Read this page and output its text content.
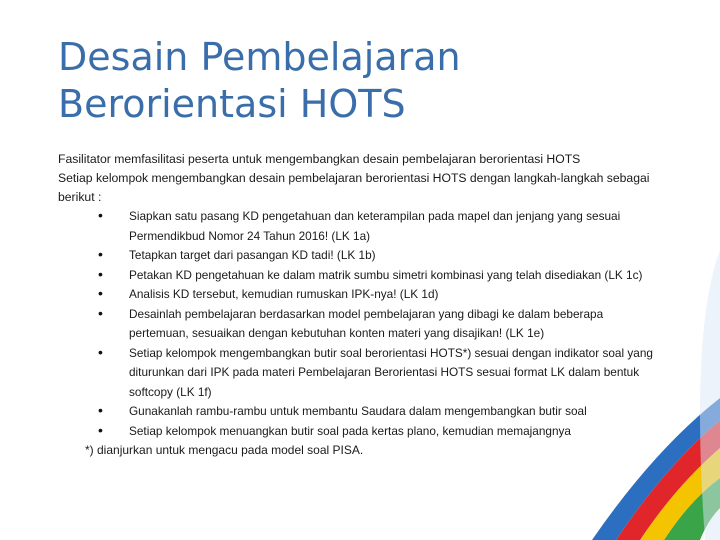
Desain Pembelajaran
Berorientasi HOTS

Fasilitator memfasilitasi peserta untuk mengembangkan desain pembelajaran berorientasi HOTS

Setiap kelompok mengembangkan desain pembelajaran berorientasi HOTS dengan langkah-langkah sebagai berikut :

• Siapkan satu pasang KD pengetahuan dan keterampilan pada mapel dan jenjang yang sesuai Permendikbud Nomor 24 Tahun 2016! (LK 1a)
• Tetapkan target dari pasangan KD tadi! (LK 1b)
• Petakan KD pengetahuan ke dalam matrik sumbu simetri kombinasi yang telah disediakan (LK 1c)
• Analisis KD tersebut, kemudian rumuskan IPK-nya! (LK 1d)
• Desainlah pembelajaran berdasarkan model pembelajaran yang dibagi ke dalam beberapa pertemuan, sesuaikan dengan kebutuhan konten materi yang disajikan! (LK 1e)
• Setiap kelompok mengembangkan butir soal berorientasi HOTS*) sesuai dengan indikator soal yang diturunkan dari IPK pada materi Pembelajaran Berorientasi HOTS sesuai format LK dalam bentuk softcopy (LK 1f)
• Gunakanlah rambu-rambu untuk membantu Saudara dalam mengembangkan butir soal
• Setiap kelompok menuangkan butir soal pada kertas plano, kemudian memajangnya

*) dianjurkan untuk mengacu pada model soal PISA.
